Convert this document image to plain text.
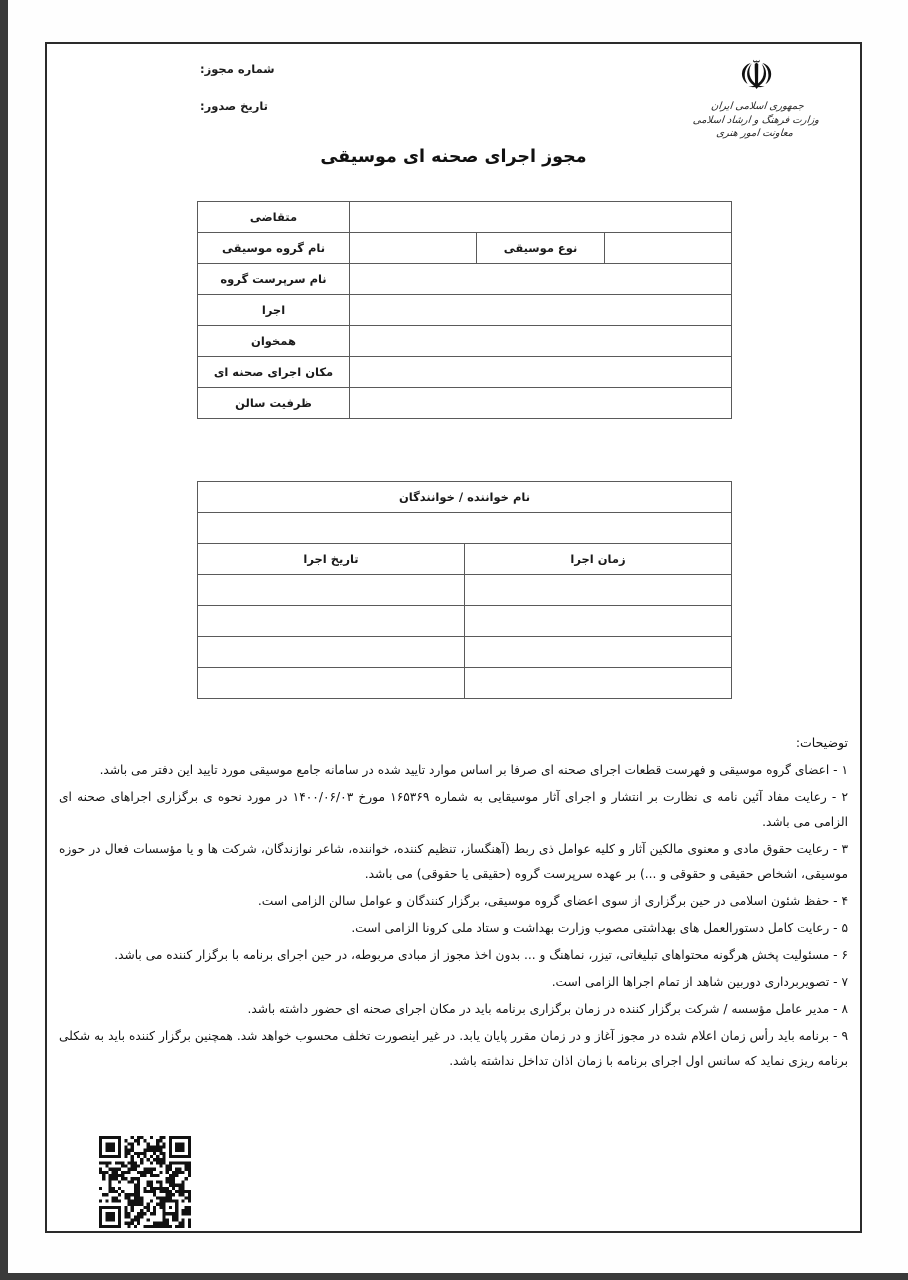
☫
جمهوری اسلامی ایران
وزارت فرهنگ و ارشاد اسلامی
معاونت امور هنری
شماره مجوز:
تاریخ صدور:
مجوز اجرای صحنه ای موسیقی
			متقاضی
	نوع موسیقی		نام گروه موسیقی
			نام سرپرست گروه
			اجرا
			همخوان
			مکان اجرای صحنه ای
			ظرفیت سالن
نام خواننده / خوانندگان	

زمان اجرا	تاریخ اجرا

توضیحات:

۱ - اعضای گروه موسیقی و فهرست قطعات اجرای صحنه ای صرفا بر اساس موارد تایید شده در سامانه جامع موسیقی مورد تایید این دفتر می باشد.

۲ - رعایت مفاد آئین نامه ی نظارت بر انتشار و اجرای آثار موسیقایی به شماره ۱۶۵۳۶۹ مورخ ۱۴۰۰/۰۶/۰۳ در مورد نحوه ی برگزاری اجراهای صحنه ای الزامی می باشد.

۳ - رعایت حقوق مادی و معنوی مالکین آثار و کلیه عوامل ذی ربط (آهنگساز، تنظیم کننده، خواننده، شاعر نوازندگان، شرکت ها و یا مؤسسات فعال در حوزه موسیقی، اشخاص حقیقی و حقوقی و ...) بر عهده سرپرست گروه (حقیقی یا حقوقی) می باشد.

۴ - حفظ شئون اسلامی در حین برگزاری از سوی اعضای گروه موسیقی، برگزار کنندگان و عوامل سالن الزامی است.

۵ - رعایت کامل دستورالعمل های بهداشتی مصوب وزارت بهداشت و ستاد ملی کرونا الزامی است.

۶ - مسئولیت پخش هرگونه محتواهای تبلیغاتی، تیزر، نماهنگ و ... بدون اخذ مجوز از مبادی مربوطه، در حین اجرای برنامه با برگزار کننده می باشد.

۷ - تصویربرداری دوربین شاهد از تمام اجراها الزامی است.

۸ - مدیر عامل مؤسسه / شرکت برگزار کننده در زمان برگزاری برنامه باید در مکان اجرای صحنه ای حضور داشته باشد.

۹ - برنامه باید رأس زمان اعلام شده در مجوز آغاز و در زمان مقرر پایان یابد. در غیر اینصورت تخلف محسوب خواهد شد. همچنین برگزار کننده باید به شکلی برنامه ریزی نماید که سانس اول اجرای برنامه با زمان اذان تداخل نداشته باشد.
